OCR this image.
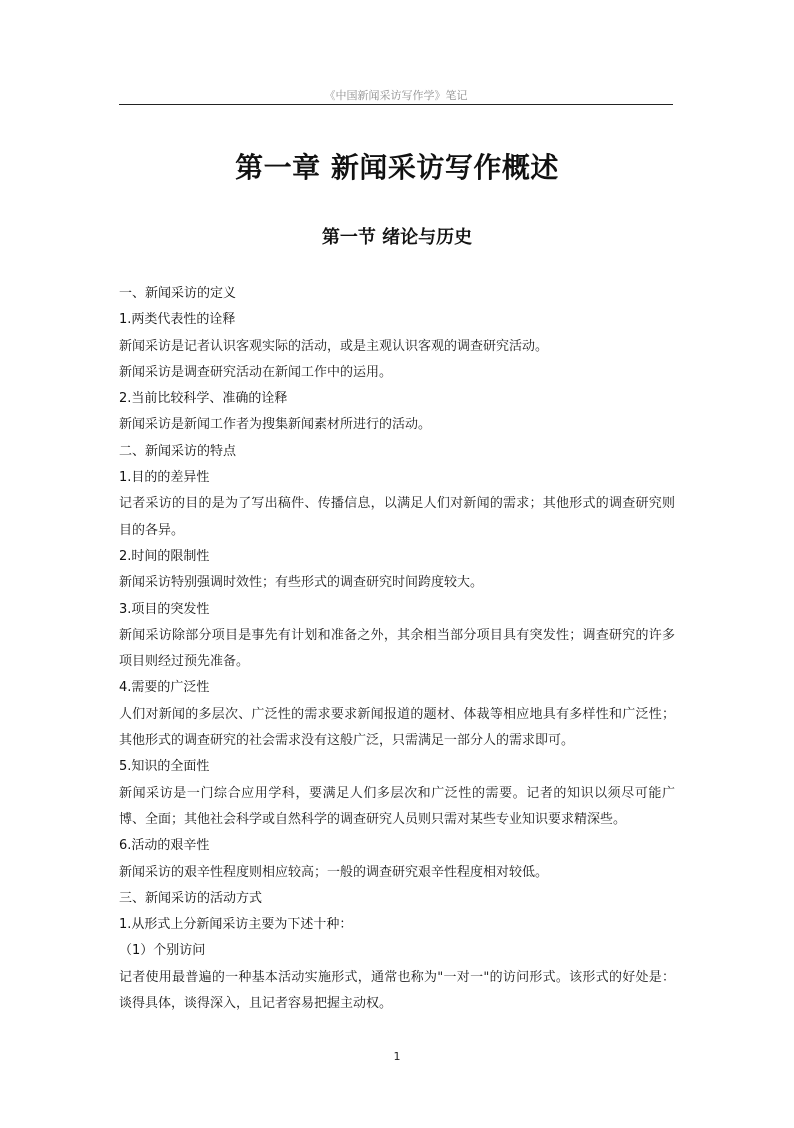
《中国新闻采访写作学》笔记
第一章 新闻采访写作概述
第一节 绪论与历史

一、新闻采访的定义

1.两类代表性的诠释

新闻采访是记者认识客观实际的活动，或是主观认识客观的调查研究活动。

新闻采访是调查研究活动在新闻工作中的运用。

2.当前比较科学、准确的诠释

新闻采访是新闻工作者为搜集新闻素材所进行的活动。

二、新闻采访的特点

1.目的的差异性

记者采访的目的是为了写出稿件、传播信息，以满足人们对新闻的需求；其他形式的调查研究则目的各异。

2.时间的限制性

新闻采访特别强调时效性；有些形式的调查研究时间跨度较大。

3.项目的突发性

新闻采访除部分项目是事先有计划和准备之外，其余相当部分项目具有突发性；调查研究的许多项目则经过预先准备。

4.需要的广泛性

人们对新闻的多层次、广泛性的需求要求新闻报道的题材、体裁等相应地具有多样性和广泛性；其他形式的调查研究的社会需求没有这般广泛，只需满足一部分人的需求即可。

5.知识的全面性

新闻采访是一门综合应用学科，要满足人们多层次和广泛性的需要。记者的知识以须尽可能广博、全面；其他社会科学或自然科学的调查研究人员则只需对某些专业知识要求精深些。

6.活动的艰辛性

新闻采访的艰辛性程度则相应较高；一般的调查研究艰辛性程度相对较低。

三、新闻采访的活动方式

1.从形式上分新闻采访主要为下述十种：

（1）个别访问

记者使用最普遍的一种基本活动实施形式，通常也称为"一对一"的访问形式。该形式的好处是：谈得具体，谈得深入，且记者容易把握主动权。

1
